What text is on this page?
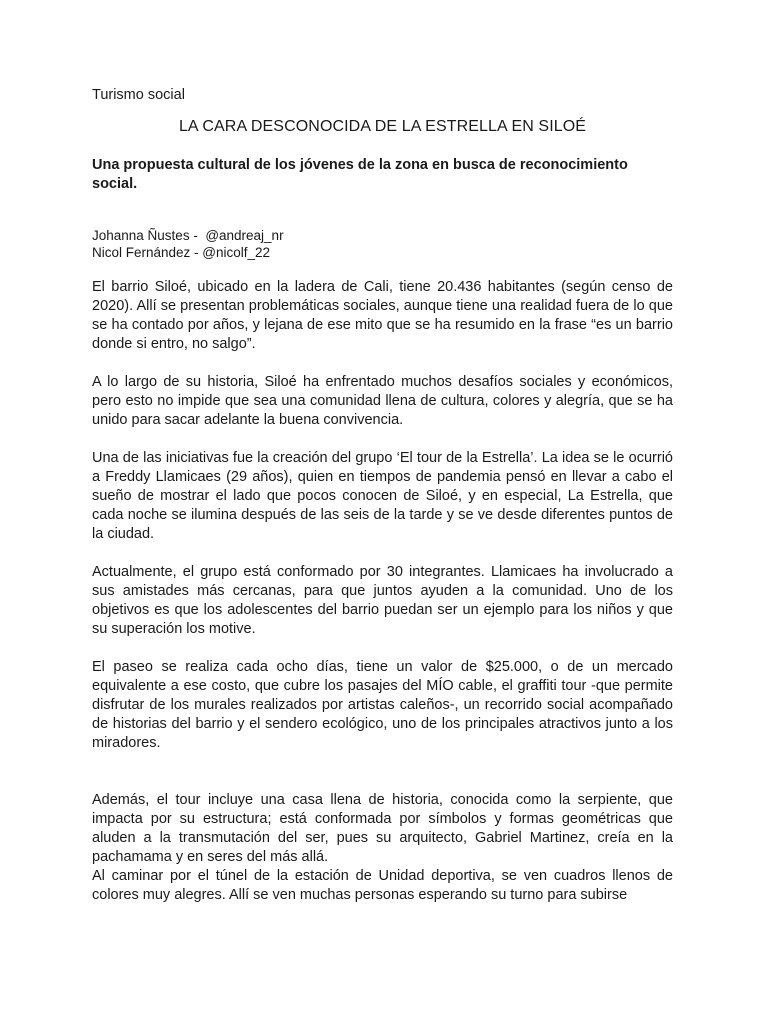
Turismo social

LA CARA DESCONOCIDA DE LA ESTRELLA EN SILOÉ

Una propuesta cultural de los jóvenes de la zona en busca de reconocimiento social.

Johanna Ñustes -  @andreaj_nr
Nicol Fernández - @nicolf_22

El barrio Siloé, ubicado en la ladera de Cali, tiene 20.436 habitantes (según censo de 2020). Allí se presentan problemáticas sociales, aunque tiene una realidad fuera de lo que se ha contado por años, y lejana de ese mito que se ha resumido en la frase “es un barrio donde si entro, no salgo”.

A lo largo de su historia, Siloé ha enfrentado muchos desafíos sociales y económicos, pero esto no impide que sea una comunidad llena de cultura, colores y alegría, que se ha unido para sacar adelante la buena convivencia.

Una de las iniciativas fue la creación del grupo ‘El tour de la Estrella’. La idea se le ocurrió a Freddy Llamicaes (29 años), quien en tiempos de pandemia pensó en llevar a cabo el sueño de mostrar el lado que pocos conocen de Siloé, y en especial, La Estrella, que cada noche se ilumina después de las seis de la tarde y se ve desde diferentes puntos de la ciudad.

Actualmente, el grupo está conformado por 30 integrantes. Llamicaes ha involucrado a sus amistades más cercanas, para que juntos ayuden a la comunidad. Uno de los objetivos es que los adolescentes del barrio puedan ser un ejemplo para los niños y que su superación los motive.

El paseo se realiza cada ocho días, tiene un valor de $25.000, o de un mercado equivalente a ese costo, que cubre los pasajes del MÍO cable, el graffiti tour -que permite disfrutar de los murales realizados por artistas caleños-, un recorrido social acompañado de historias del barrio y el sendero ecológico, uno de los principales atractivos junto a los miradores.

Además, el tour incluye una casa llena de historia, conocida como la serpiente, que impacta por su estructura; está conformada por símbolos y formas geométricas que aluden a la transmutación del ser, pues su arquitecto, Gabriel Martinez, creía en la pachamama y en seres del más allá.

Al caminar por el túnel de la estación de Unidad deportiva, se ven cuadros llenos de colores muy alegres. Allí se ven muchas personas esperando su turno para subirse
